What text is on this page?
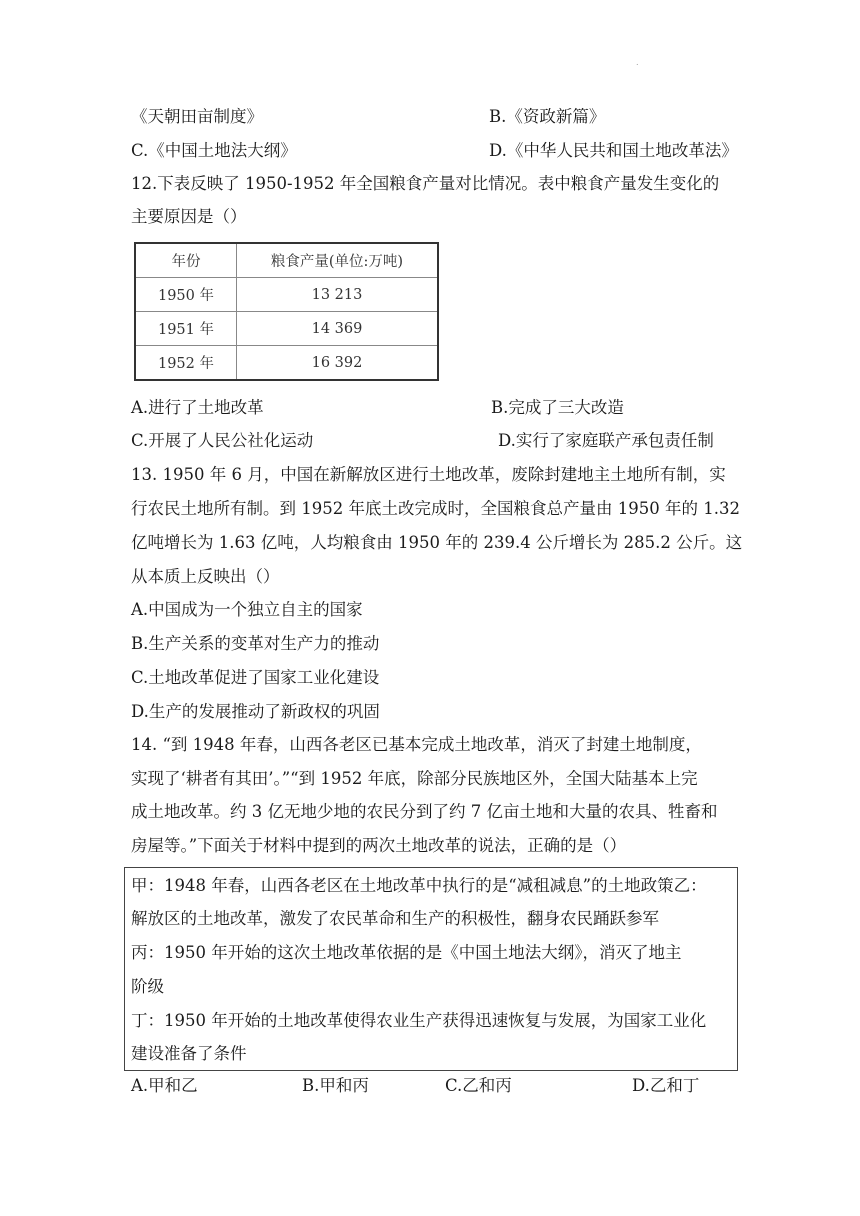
.
《天朝田亩制度》	B.《资政新篇》
C.《中国土地法大纲》	D.《中华人民共和国土地改革法》
12.下表反映了 1950-1952 年全国粮食产量对比情况。表中粮食产量发生变化的
主要原因是（）
年份	粮食产量(单位:万吨)
1950 年	13 213
1951 年	14 369
1952 年	16 392
A.进行了土地改革	B.完成了三大改造
C.开展了人民公社化运动	D.实行了家庭联产承包责任制
13. 1950 年 6 月，中国在新解放区进行土地改革，废除封建地主土地所有制，实
行农民土地所有制。到 1952 年底土改完成时，全国粮食总产量由 1950 年的 1.32
亿吨增长为 1.63 亿吨，人均粮食由 1950 年的 239.4 公斤增长为 285.2 公斤。这
从本质上反映出（）
A.中国成为一个独立自主的国家
B.生产关系的变革对生产力的推动
C.土地改革促进了国家工业化建设
D.生产的发展推动了新政权的巩固
14. “到 1948 年春，山西各老区已基本完成土地改革，消灭了封建土地制度，
实现了‘耕者有其田’。”“到 1952 年底，除部分民族地区外，全国大陆基本上完
成土地改革。约 3 亿无地少地的农民分到了约 7 亿亩土地和大量的农具、牲畜和
房屋等。”下面关于材料中提到的两次土地改革的说法，正确的是（）
甲：1948 年春，山西各老区在土地改革中执行的是“减租减息”的土地政策乙：
解放区的土地改革，激发了农民革命和生产的积极性，翻身农民踊跃参军
丙：1950 年开始的这次土地改革依据的是《中国土地法大纲》，消灭了地主
阶级
丁：1950 年开始的土地改革使得农业生产获得迅速恢复与发展，为国家工业化
建设准备了条件
A.甲和乙	B.甲和丙	C.乙和丙	D.乙和丁
